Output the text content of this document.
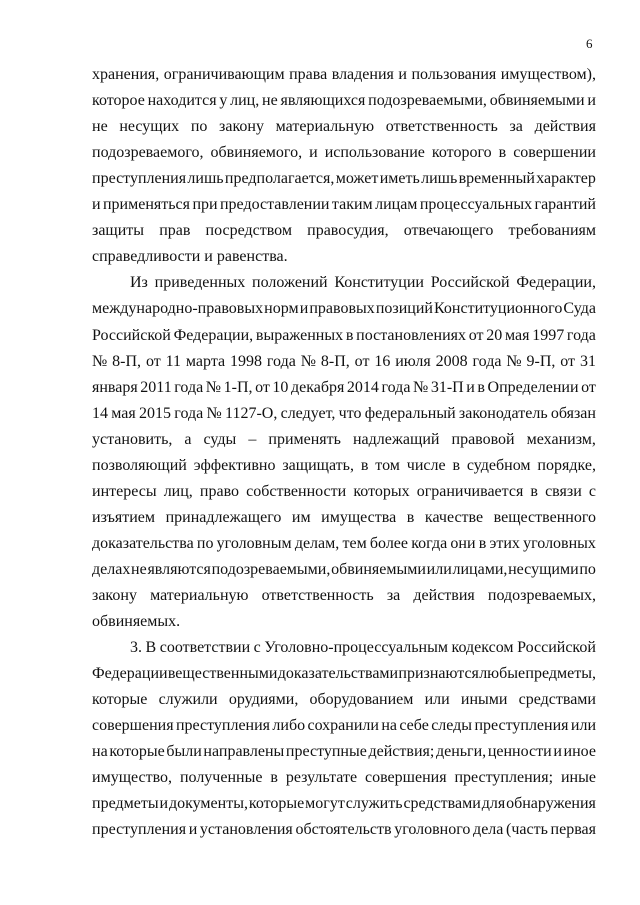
6
хранения, ограничивающим права владения и пользования имуществом),
которое находится у лиц, не являющихся подозреваемыми, обвиняемыми и
не несущих по закону материальную ответственность за действия
подозреваемого, обвиняемого, и использование которого в совершении
преступления лишь предполагается, может иметь лишь временный характер
и применяться при предоставлении таким лицам процессуальных гарантий
защиты прав посредством правосудия, отвечающего требованиям
справедливости и равенства.
Из приведенных положений Конституции Российской Федерации,
международно-правовых норм и правовых позиций Конституционного Суда
Российской Федерации, выраженных в постановлениях от 20 мая 1997 года
№ 8-П, от 11 марта 1998 года № 8-П, от 16 июля 2008 года № 9-П, от 31
января 2011 года № 1-П, от 10 декабря 2014 года № 31-П и в Определении от
14 мая 2015 года № 1127-О, следует, что федеральный законодатель обязан
установить, а суды – применять надлежащий правовой механизм,
позволяющий эффективно защищать, в том числе в судебном порядке,
интересы лиц, право собственности которых ограничивается в связи с
изъятием принадлежащего им имущества в качестве вещественного
доказательства по уголовным делам, тем более когда они в этих уголовных
делах не являются подозреваемыми, обвиняемыми или лицами, несущими по
закону материальную ответственность за действия подозреваемых,
обвиняемых.
3. В соответствии с Уголовно-процессуальным кодексом Российской
Федерации вещественными доказательствами признаются любые предметы,
которые служили орудиями, оборудованием или иными средствами
совершения преступления либо сохранили на себе следы преступления или
на которые были направлены преступные действия; деньги, ценности и иное
имущество, полученные в результате совершения преступления; иные
предметы и документы, которые могут служить средствами для обнаружения
преступления и установления обстоятельств уголовного дела (часть первая
